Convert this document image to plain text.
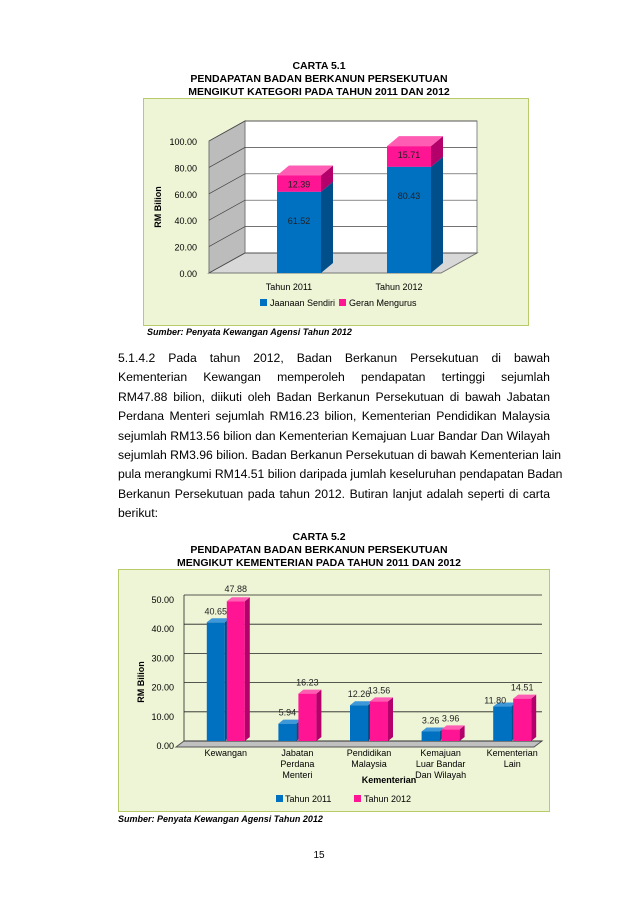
CARTA 5.1
PENDAPATAN BADAN BERKANUN PERSEKUTUAN
MENGIKUT KATEGORI PADA TAHUN 2011 DAN 2012
0.00
20.00
40.00
60.00
80.00
100.00
RM Bilion	61.52
12.39
Tahun 2011
80.43
15.71
Tahun 2012
Jaanaan Sendiri Geran Mengurus
Sumber: Penyata Kewangan Agensi Tahun 2012
5.1.4.2 Pada tahun 2012, Badan Berkanun Persekutuan di bawah
Kementerian Kewangan memperoleh pendapatan tertinggi sejumlah
RM47.88 bilion, diikuti oleh Badan Berkanun Persekutuan di bawah Jabatan
Perdana Menteri sejumlah RM16.23 bilion, Kementerian Pendidikan Malaysia
sejumlah RM13.56 bilion dan Kementerian Kemajuan Luar Bandar Dan Wilayah
sejumlah RM3.96 bilion. Badan Berkanun Persekutuan di bawah Kementerian lain
pula merangkumi RM14.51 bilion daripada jumlah keseluruhan pendapatan Badan
Berkanun Persekutuan pada tahun 2012. Butiran lanjut adalah seperti di carta
berikut:
CARTA 5.2
PENDAPATAN BADAN BERKANUN PERSEKUTUAN
MENGIKUT KEMENTERIAN PADA TAHUN 2011 DAN 2012
0.00
10.00
20.00
30.00
40.00
50.00
RM Bilion
40.65
47.88
Kewangan
5.94
16.23
Jabatan
Perdana
Menteri
12.26
13.56
Pendidikan
Malaysia
3.26 3.96
Kemajuan
Luar Bandar
Dan Wilayah
11.80
14.51
Kementerian
Lain
Kementerian
Tahun 2011	Tahun 2012
Sumber: Penyata Kewangan Agensi Tahun 2012
15
